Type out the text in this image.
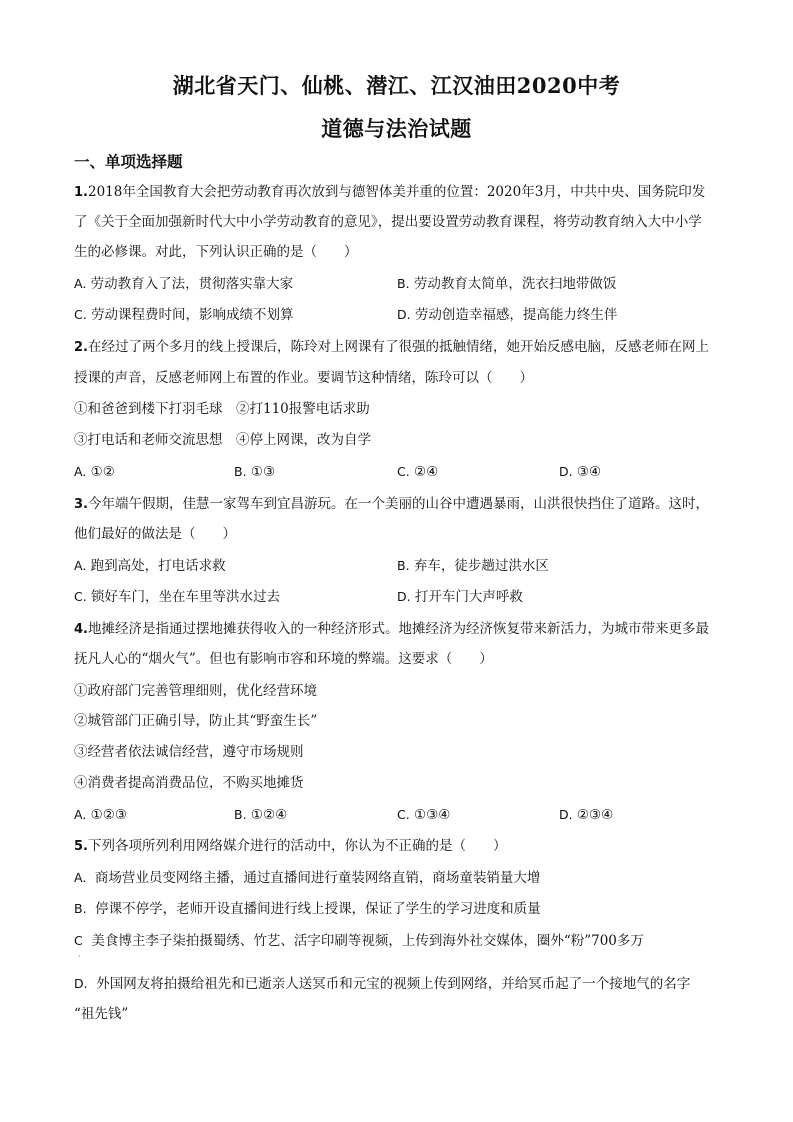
湖北省天门、仙桃、潜江、江汉油田2020中考
道德与法治试题
一、单项选择题
1.2018年全国教育大会把劳动教育再次放到与德智体美并重的位置：2020年3月，中共中央、国务院印发
了《关于全面加强新时代大中小学劳动教育的意见》，提出要设置劳动教育课程，将劳动教育纳入大中小学
生的必修课。对此，下列认识正确的是（　　）
A. 劳动教育入了法，贯彻落实靠大家	B. 劳动教育太简单，洗衣扫地带做饭
C. 劳动课程费时间，影响成绩不划算	D. 劳动创造幸福感，提高能力终生伴
2.在经过了两个多月的线上授课后，陈玲对上网课有了很强的抵触情绪，她开始反感电脑，反感老师在网上
授课的声音，反感老师网上布置的作业。要调节这种情绪，陈玲可以（　　）
①和爸爸到楼下打羽毛球　②打110报警电话求助
③打电话和老师交流思想　④停上网课，改为自学
A. ①②	B. ①③	C. ②④	D. ③④
3.今年端午假期，佳慧一家驾车到宜昌游玩。在一个美丽的山谷中遭遇暴雨，山洪很快挡住了道路。这时，
他们最好的做法是（　　）
A. 跑到高处，打电话求救	B. 弃车，徒步趟过洪水区
C. 锁好车门，坐在车里等洪水过去	D. 打开车门大声呼救
4.地摊经济是指通过摆地摊获得收入的一种经济形式。地摊经济为经济恢复带来新活力，为城市带来更多最
抚凡人心的“烟火气”。但也有影响市容和环境的弊端。这要求（　　）
①政府部门完善管理细则，优化经营环境
②城管部门正确引导，防止其“野蛮生长”
③经营者依法诚信经营，遵守市场规则
④消费者提高消费品位，不购买地摊货
A. ①②③	B. ①②④	C. ①③④	D. ②③④
5.下列各项所列利用网络媒介进行的活动中，你认为不正确的是（　　）
A. 商场营业员变网络主播，通过直播间进行童装网络直销，商场童装销量大增
B. 停课不停学，老师开设直播间进行线上授课，保证了学生的学习进度和质量
C 美食博主李子柒拍摄蜀绣、竹艺、活字印刷等视频，上传到海外社交媒体，圈外“粉”700多万
·
D. 外国网友将拍摄给祖先和已逝亲人送冥币和元宝的视频上传到网络，并给冥币起了一个接地气的名字
“祖先钱”
